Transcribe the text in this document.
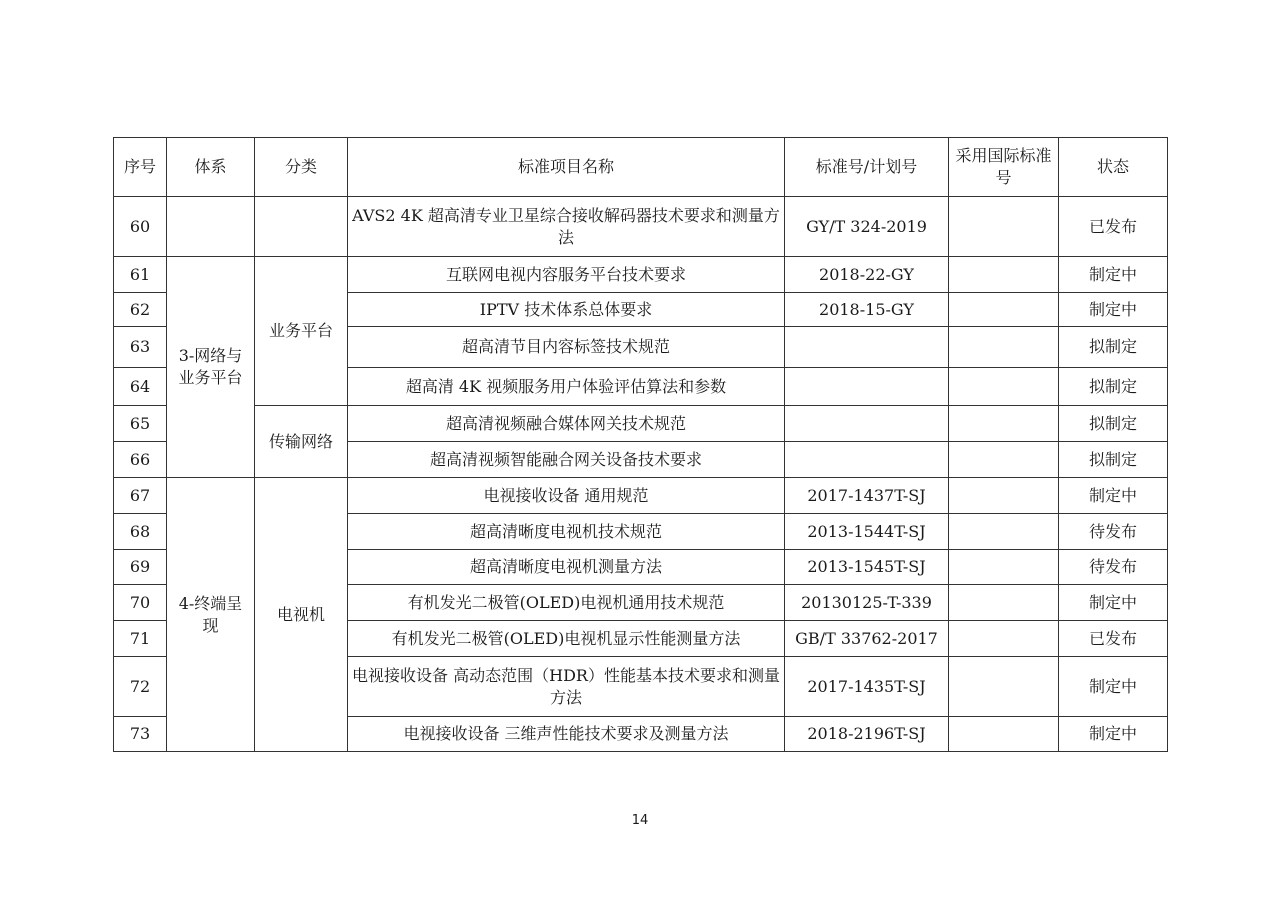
序号	体系	分类	标准项目名称	标准号/计划号	采用国际标准号	状态
60			AVS2 4K 超高清专业卫星综合接收解码器技术要求和测量方法	GY/T 324-2019		已发布
61	3-网络与业务平台	业务平台	互联网电视内容服务平台技术要求	2018-22-GY		制定中
62			IPTV 技术体系总体要求	2018-15-GY		制定中
63			超高清节目内容标签技术规范			拟制定
64			超高清 4K 视频服务用户体验评估算法和参数			拟制定
65		传输网络	超高清视频融合媒体网关技术规范			拟制定
66			超高清视频智能融合网关设备技术要求			拟制定
67	4-终端呈现	电视机	电视接收设备 通用规范	2017-1437T-SJ		制定中
68			超高清晰度电视机技术规范	2013-1544T-SJ		待发布
69			超高清晰度电视机测量方法	2013-1545T-SJ		待发布
70			有机发光二极管(OLED)电视机通用技术规范	20130125-T-339		制定中
71			有机发光二极管(OLED)电视机显示性能测量方法	GB/T 33762-2017		已发布
72			电视接收设备 高动态范围（HDR）性能基本技术要求和测量方法	2017-1435T-SJ		制定中
73			电视接收设备 三维声性能技术要求及测量方法	2018-2196T-SJ		制定中
14
